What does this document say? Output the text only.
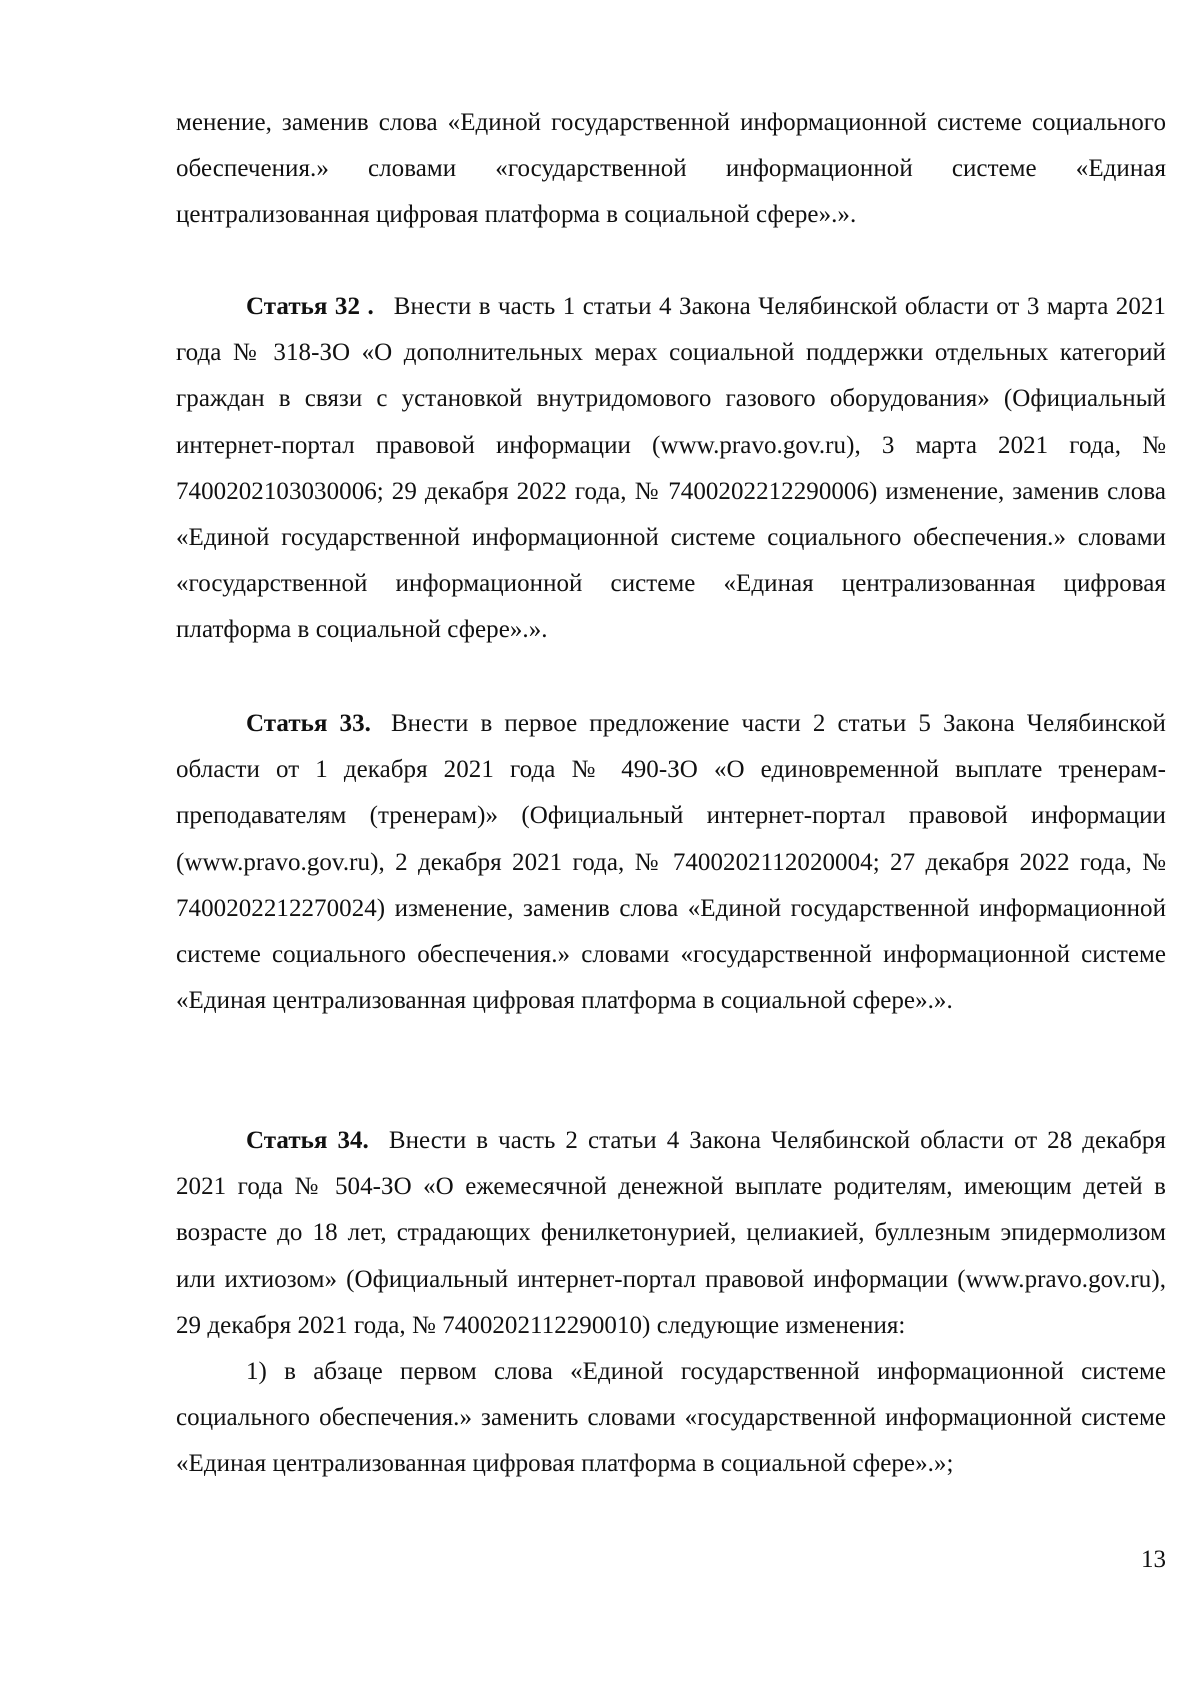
менение, заменив слова «Единой государственной информационной системе социального обеспечения.» словами «государственной информационной системе «Единая централизованная цифровая платформа в социальной сфере».».

Статья 32 . Внести в часть 1 статьи 4 Закона Челябинской области от 3 марта 2021 года № 318-ЗО «О дополнительных мерах социальной поддержки отдельных категорий граждан в связи с установкой внутридомового газового оборудования» (Официальный интернет-портал правовой информации (www.pravo.gov.ru), 3 марта 2021 года, № 7400202103030006; 29 декабря 2022 года, № 7400202212290006) изменение, заменив слова «Единой государственной информационной системе социального обеспечения.» словами «государственной информационной системе «Единая централизованная цифровая платформа в социальной сфере».».

Статья 33. Внести в первое предложение части 2 статьи 5 Закона Челябинской области от 1 декабря 2021 года № 490-ЗО «О единовременной выплате тренерам-преподавателям (тренерам)» (Официальный интернет-портал правовой информации (www.pravo.gov.ru), 2 декабря 2021 года, № 7400202112020004; 27 декабря 2022 года, № 7400202212270024) изменение, заменив слова «Единой государственной информационной системе социального обеспечения.» словами «государственной информационной системе «Единая централизованная цифровая платформа в социальной сфере».».

Статья 34. Внести в часть 2 статьи 4 Закона Челябинской области от 28 декабря 2021 года № 504-ЗО «О ежемесячной денежной выплате родителям, имеющим детей в возрасте до 18 лет, страдающих фенилкетонурией, целиакией, буллезным эпидермолизом или ихтиозом» (Официальный интернет-портал правовой информации (www.pravo.gov.ru), 29 декабря 2021 года, № 7400202112290010) следующие изменения:

1) в абзаце первом слова «Единой государственной информационной системе социального обеспечения.» заменить словами «государственной информационной системе «Единая централизованная цифровая платформа в социальной сфере».»;

13
